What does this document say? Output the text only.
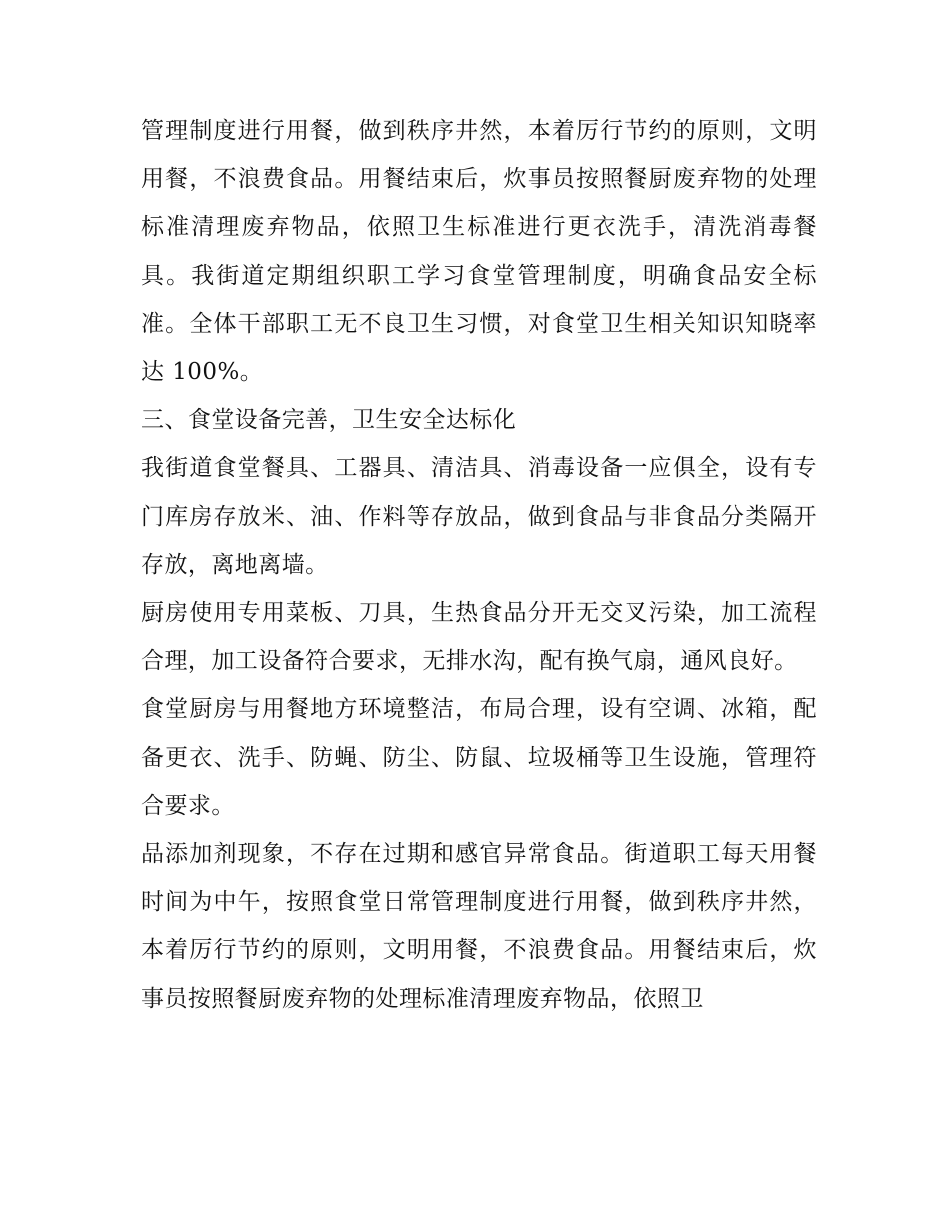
管理制度进行用餐，做到秩序井然，本着厉行节约的原则，文明用餐，不浪费食品。用餐结束后，炊事员按照餐厨废弃物的处理标准清理废弃物品，依照卫生标准进行更衣洗手，清洗消毒餐具。我街道定期组织职工学习食堂管理制度，明确食品安全标准。全体干部职工无不良卫生习惯，对食堂卫生相关知识知晓率达 100%。

三、食堂设备完善，卫生安全达标化

我街道食堂餐具、工器具、清洁具、消毒设备一应俱全，设有专门库房存放米、油、作料等存放品，做到食品与非食品分类隔开存放，离地离墙。

厨房使用专用菜板、刀具，生热食品分开无交叉污染，加工流程合理，加工设备符合要求，无排水沟，配有换气扇，通风良好。

食堂厨房与用餐地方环境整洁，布局合理，设有空调、冰箱，配备更衣、洗手、防蝇、防尘、防鼠、垃圾桶等卫生设施，管理符合要求。

品添加剂现象，不存在过期和感官异常食品。街道职工每天用餐时间为中午，按照食堂日常管理制度进行用餐，做到秩序井然，本着厉行节约的原则，文明用餐，不浪费食品。用餐结束后，炊事员按照餐厨废弃物的处理标准清理废弃物品，依照卫
